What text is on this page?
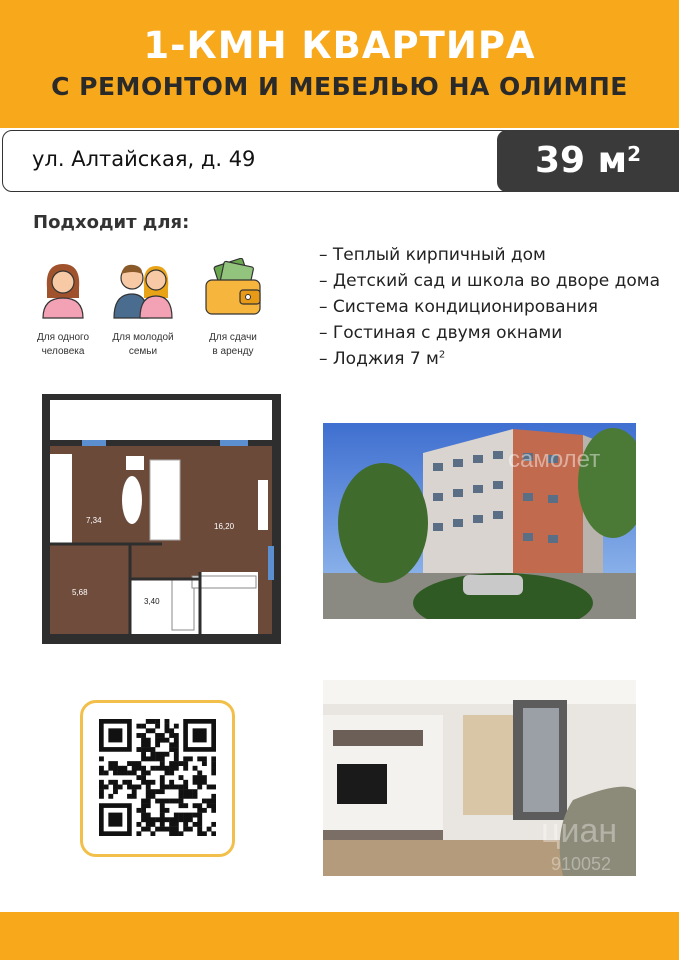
1-КМН КВАРТИРА
С РЕМОНТОМ И МЕБЕЛЬЮ НА ОЛИМПЕ
ул. Алтайская, д. 49	39 $м^2$
Подходит для:
Для одного
человека
Для молодой
семьи
Для сдачи
в аренду
– Теплый кирпичный дом
– Детский сад и школа во дворе дома
– Система кондиционирования
– Гостиная с двумя окнами
– Лоджия 7 $м^2$
7,34
16,20
5,68
3,40
самолет
циан
910052
